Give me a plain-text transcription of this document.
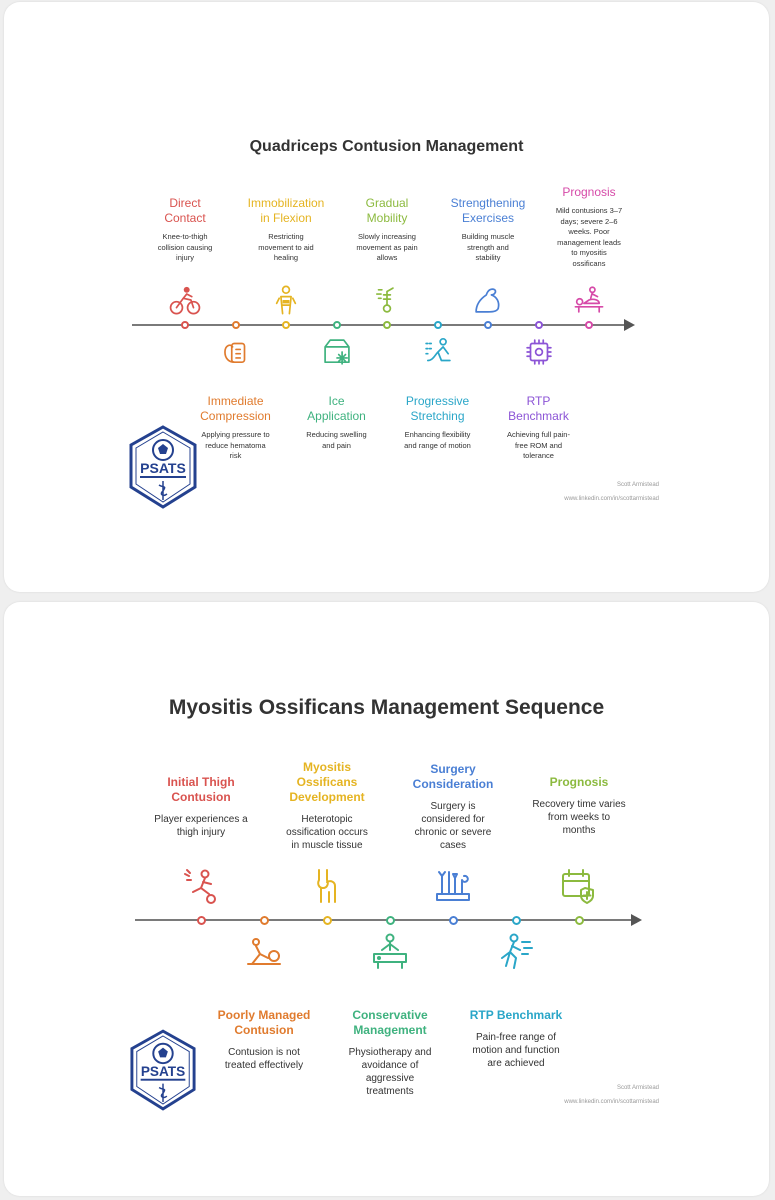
Quadriceps Contusion Management
Scott Armistead
www.linkedin.com/in/scottarmistead
PSATS
Direct
Contact
Knee-to-thigh
collision causing
injury
Immediate
Compression
Applying pressure to
reduce hematoma
risk
Immobilization
in Flexion
Restricting
movement to aid
healing
Ice
Application
Reducing swelling
and pain
Gradual
Mobility
Slowly increasing
movement as pain
allows
Progressive
Stretching
Enhancing flexibility
and range of motion
Strengthening
Exercises
Building muscle
strength and
stability
RTP
Benchmark
Achieving full pain-
free ROM and
tolerance
Prognosis
Mild contusions 3–7
days; severe 2–6
weeks. Poor
management leads
to myositis
ossificans
Myositis Ossificans Management Sequence
Scott Armistead
www.linkedin.com/in/scottarmistead
PSATS
Initial Thigh
Contusion
Player experiences a
thigh injury
Poorly Managed
Contusion
Contusion is not
treated effectively
Myositis
Ossificans
Development
Heterotopic
ossification occurs
in muscle tissue
Conservative
Management
Physiotherapy and
avoidance of
aggressive
treatments
Surgery
Consideration
Surgery is
considered for
chronic or severe
cases
RTP Benchmark
Pain-free range of
motion and function
are achieved
Prognosis
Recovery time varies
from weeks to
months
